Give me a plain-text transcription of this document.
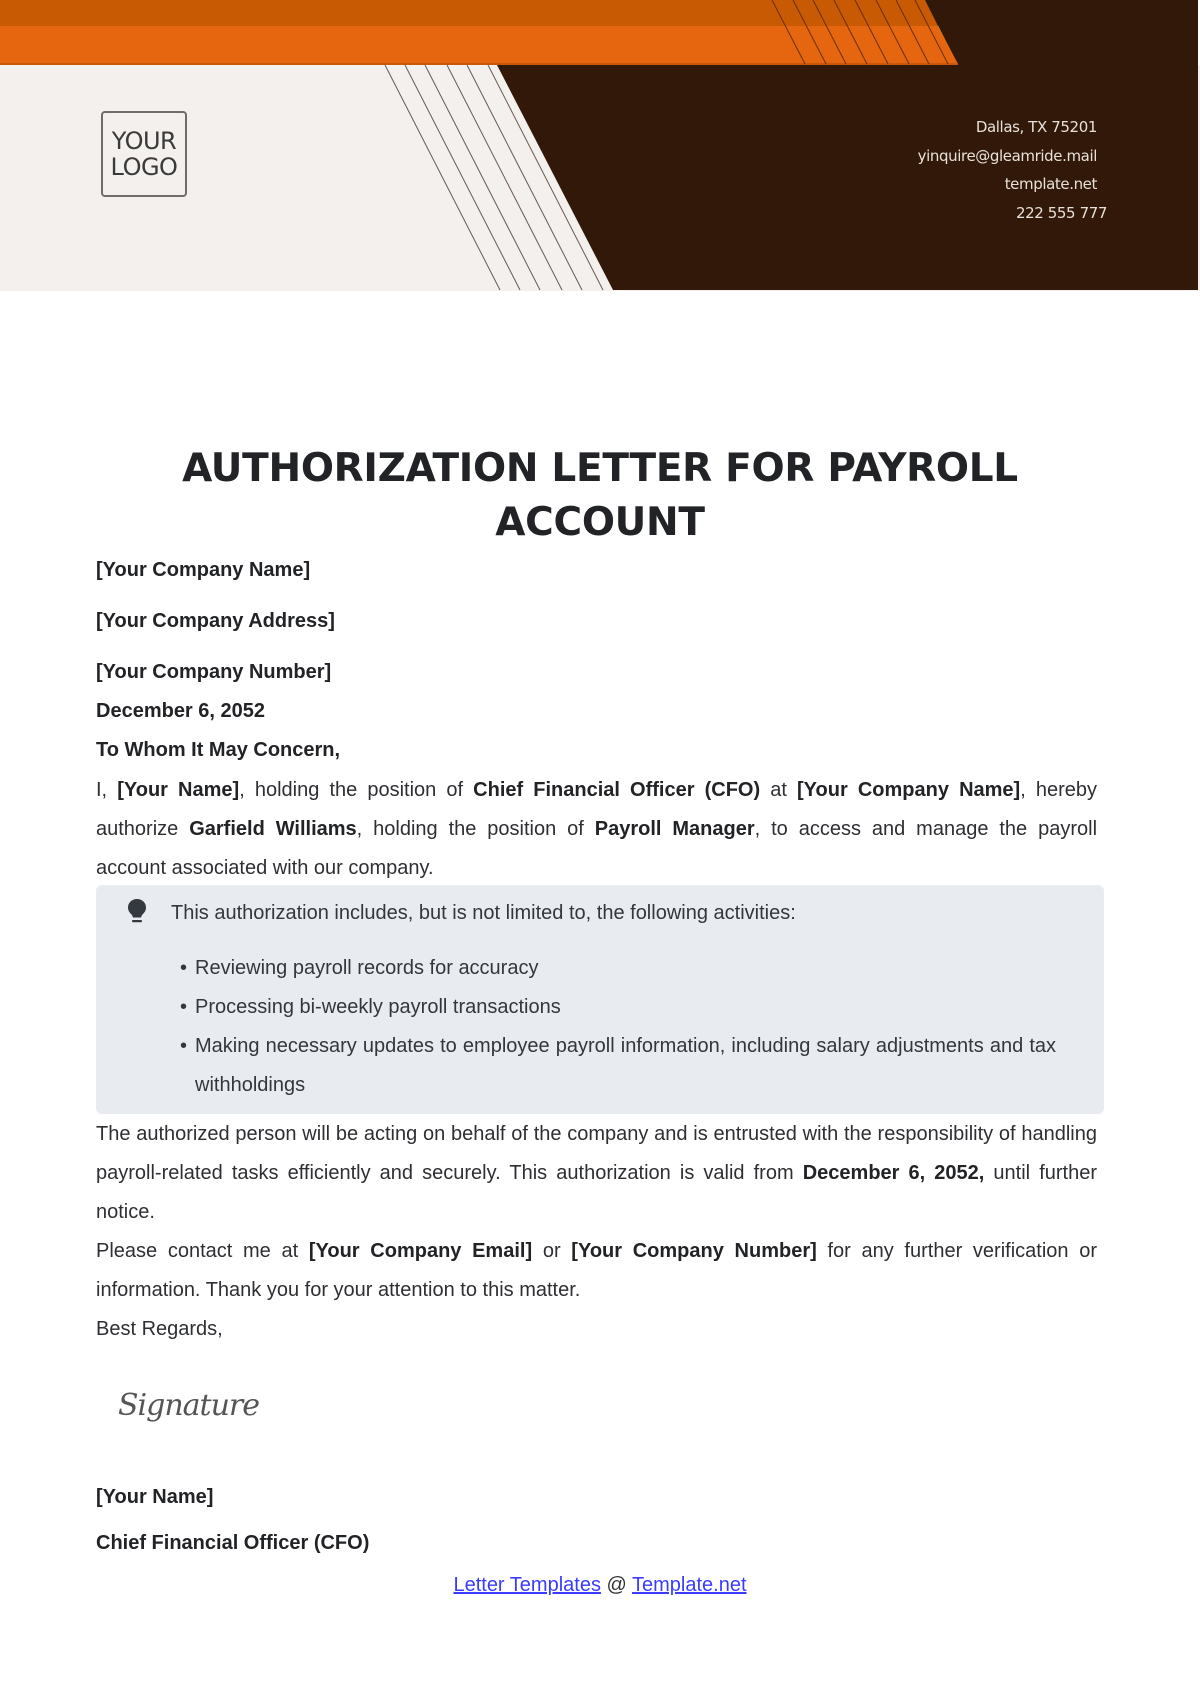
YOUR
LOGO
Dallas, TX 75201
yinquire@gleamride.mail
template.net
222 555 777
AUTHORIZATION LETTER FOR PAYROLL ACCOUNT
[Your Company Name]
[Your Company Address]
[Your Company Number]
December 6, 2052
To Whom It May Concern,
I, [Your Name], holding the position of Chief Financial Officer (CFO) at [Your Company Name], hereby authorize Garfield Williams, holding the position of Payroll Manager, to access and manage the payroll account associated with our company.
This authorization includes, but is not limited to, the following activities:
• Reviewing payroll records for accuracy
• Processing bi-weekly payroll transactions
• Making necessary updates to employee payroll information, including salary adjustments and tax withholdings
The authorized person will be acting on behalf of the company and is entrusted with the responsibility of handling payroll-related tasks efficiently and securely. This authorization is valid from December 6, 2052, until further notice.
Please contact me at [Your Company Email] or [Your Company Number] for any further verification or information. Thank you for your attention to this matter.
Best Regards,
Signature
[Your Name]
Chief Financial Officer (CFO)
Letter Templates @ Template.net
